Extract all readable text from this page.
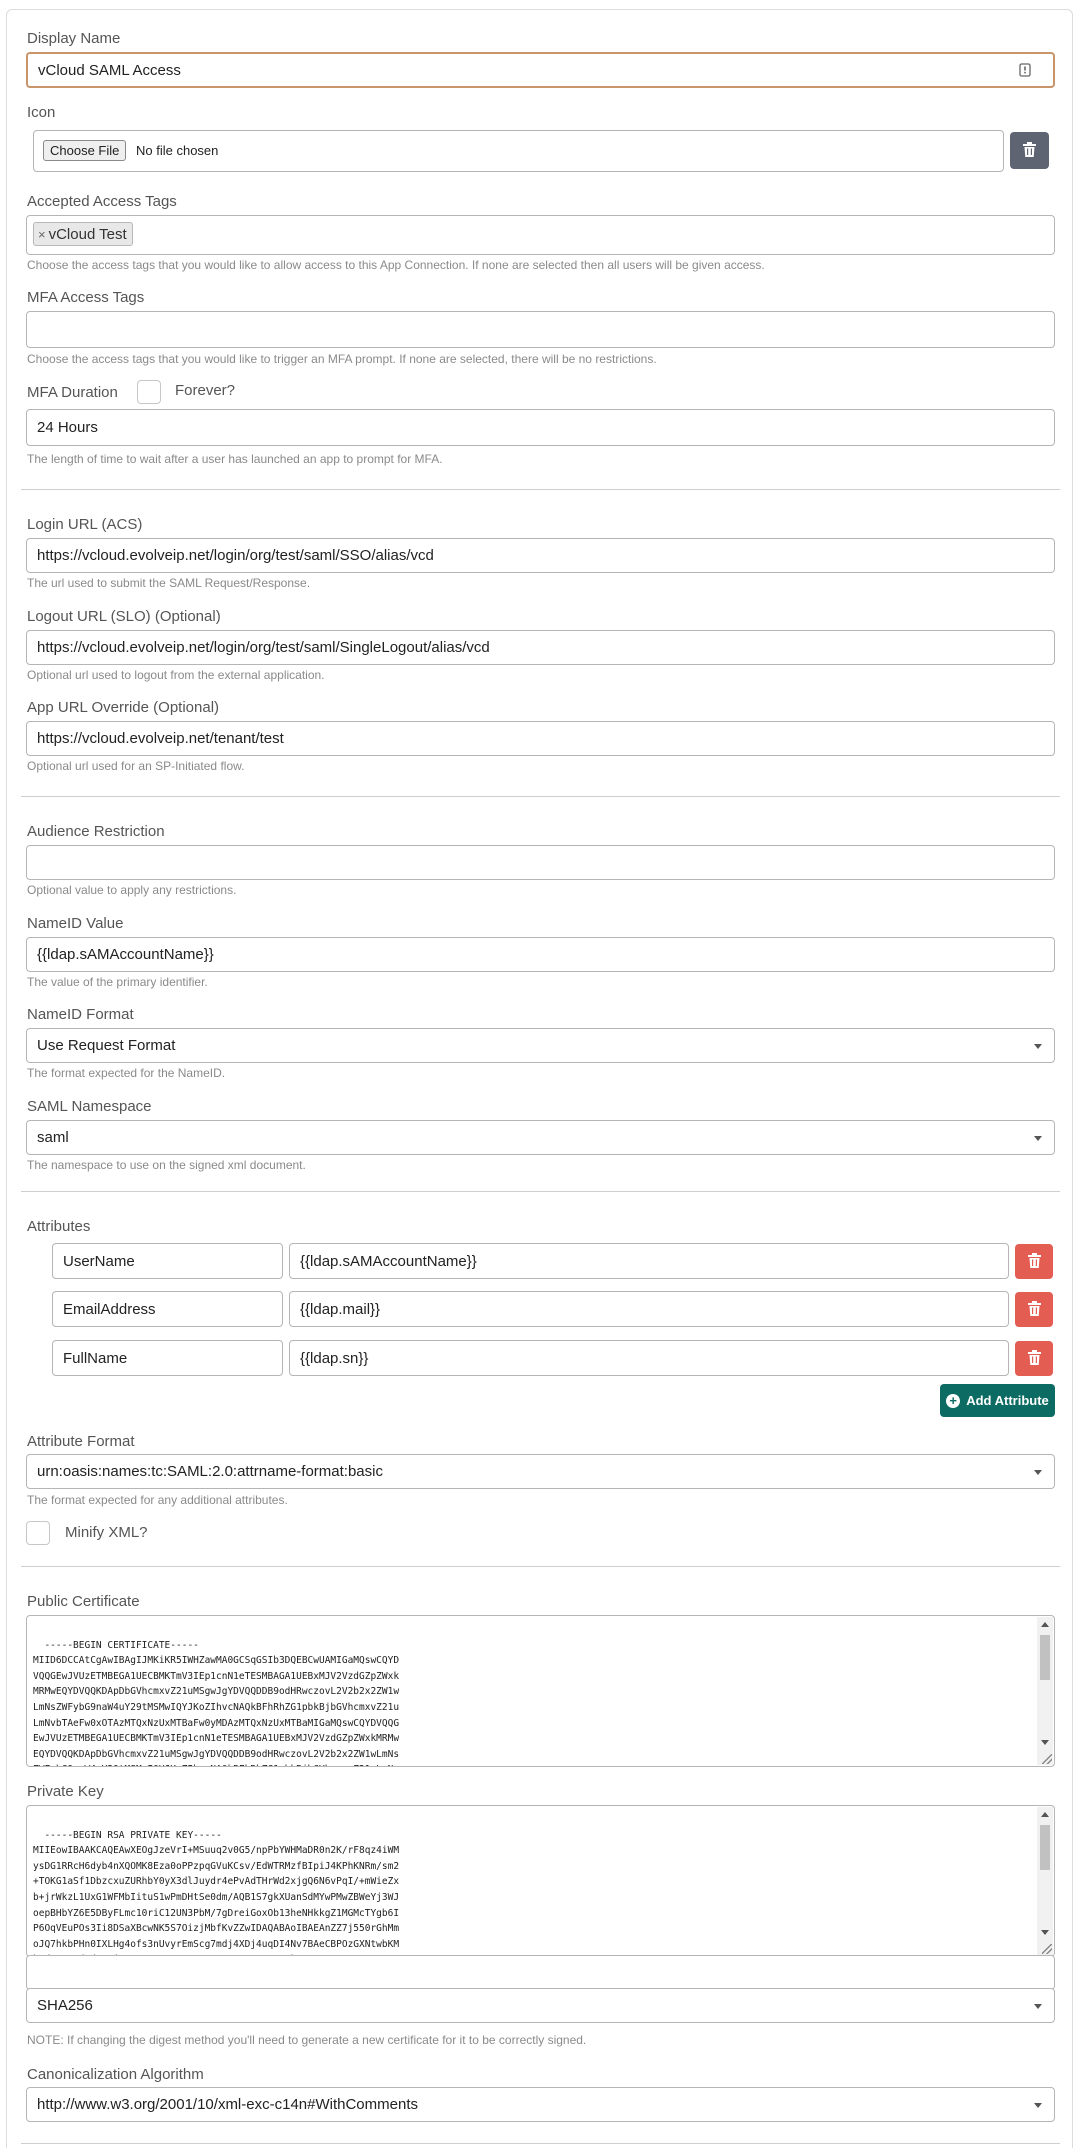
Display Name
vCloud SAML Access
Icon
Choose File	No file chosen
Accepted Access Tags
× vCloud Test
Choose the access tags that you would like to allow access to this App Connection. If none are selected then all users will be given access.
MFA Access Tags
Choose the access tags that you would like to trigger an MFA prompt. If none are selected, there will be no restrictions.
MFA Duration	Forever?
24 Hours
The length of time to wait after a user has launched an app to prompt for MFA.
Login URL (ACS)
https://vcloud.evolveip.net/login/org/test/saml/SSO/alias/vcd
The url used to submit the SAML Request/Response.
Logout URL (SLO) (Optional)
https://vcloud.evolveip.net/login/org/test/saml/SingleLogout/alias/vcd
Optional url used to logout from the external application.
App URL Override (Optional)
https://vcloud.evolveip.net/tenant/test
Optional url used for an SP-Initiated flow.
Audience Restriction
Optional value to apply any restrictions.
NameID Value
{{ldap.sAMAccountName}}
The value of the primary identifier.
NameID Format
Use Request Format
The format expected for the NameID.
SAML Namespace
saml
The namespace to use on the signed xml document.
Attributes
UserName	{{ldap.sAMAccountName}}
EmailAddress	{{ldap.mail}}
FullName	{{ldap.sn}}
+ Add Attribute
Attribute Format
urn:oasis:names:tc:SAML:2.0:attrname-format:basic
The format expected for any additional attributes.
Minify XML?
Public Certificate

-----BEGIN CERTIFICATE-----
MIID6DCCAtCgAwIBAgIJMKiKR5IWHZawMA0GCSqGSIb3DQEBCwUAMIGaMQswCQYD
VQQGEwJVUzETMBEGA1UECBMKTmV3IEp1cnN1eTESMBAGA1UEBxMJV2VzdGZpZWxk
MRMwEQYDVQQKDApDbGVhcmxvZ21uMSgwJgYDVQQDDB9odHRwczovL2V2b2x2ZW1w
LmNsZWFybG9naW4uY29tMSMwIQYJKoZIhvcNAQkBFhRhZG1pbkBjbGVhcmxvZ21u
LmNvbTAeFw0xOTAzMTQxNzUxMTBaFw0yMDAzMTQxNzUxMTBaMIGaMQswCQYDVQQG
EwJVUzETMBEGA1UECBMKTmV3IEp1cnN1eTESMBAGA1UEBxMJV2VzdGZpZWxkMRMw
EQYDVQQKDApDbGVhcmxvZ21uMSgwJgYDVQQDDB9odHRwczovL2V2b2x2ZW1wLmNs

Private Key

-----BEGIN RSA PRIVATE KEY-----
MIIEowIBAAKCAQEAwXEOgJzeVrI+MSuuq2v0G5/npPbYWHMaDR0n2K/rF8qz4iWM
ysDG1RRcH6dyb4nXQOMK8Eza0oPPzpqGVuKCsv/EdWTRMzfBIpiJ4KPhKNRm/sm2
+TOKG1aSf1DbzcxuZURhbY0yX3dlJuydr4ePvAdTHrWd2xjgQ6N6vPqI/+mWieZx
b+jrWkzL1UxG1WFMbIituS1wPmDHtSe0dm/AQB1S7gkXUanSdMYwPMwZBWeYj3WJ
oepBHbYZ6E5DByFLmc10riC12UN3PbM/7gDreiGoxOb13heNHkkgZ1MGMcTYgb6I
P6OqVEuPOs3Ii8DSaXBcwNK5S7OizjMbfKvZZwIDAQABAoIBAEAnZZ7j550rGhMm
oJQ7hkbPHn0IXLHg4ofs3nUvyrEmScg7mdj4XDj4uqDI4Nv7BAeCBPOzGXNtwbKM

SHA256
NOTE: If changing the digest method you'll need to generate a new certificate for it to be correctly signed.
Canonicalization Algorithm
http://www.w3.org/2001/10/xml-exc-c14n#WithComments
